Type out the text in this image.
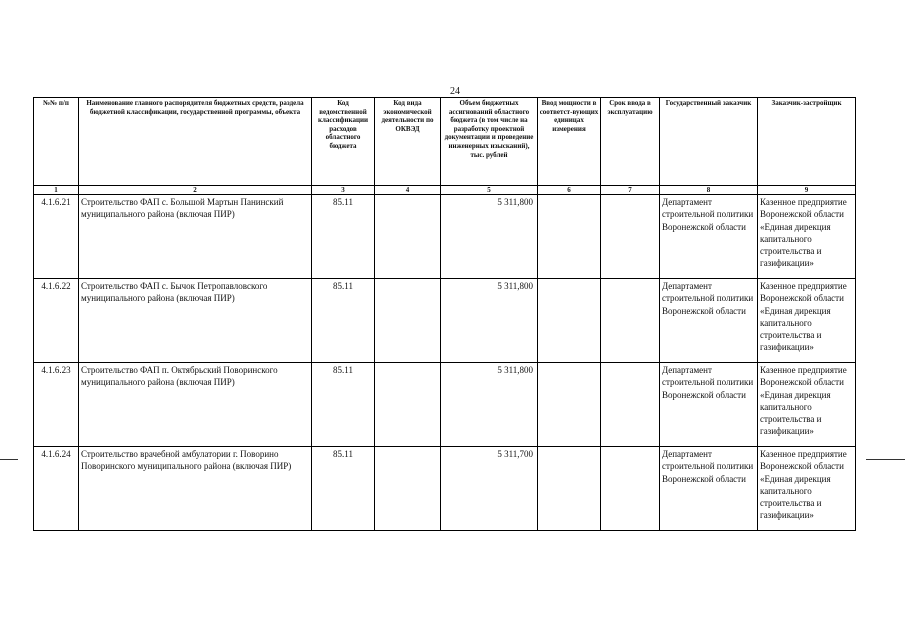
24
№№ п/п	Наименование главного распорядителя бюджетных средств, раздела бюджетной классификации, государственной программы, объекта	Код ведомственной классификации расходов областного бюджета	Код вида экономической деятельности по ОКВЭД	Объем бюджетных ассигнований областного бюджета (в том числе на разработку проектной документации и проведение инженерных изысканий), тыс. рублей	Ввод мощности в соответст-вующих единицах измерения	Срок ввода в эксплуатацию	Государственный заказчик	Заказчик-застройщик
1	2	3	4	5	6	7	8	9
4.1.6.21	Строительство ФАП с. Большой Мартын Панинский муниципального района (включая ПИР)	85.11		5 311,800			Департамент строительной политики Воронежской области	Казенное предприятие Воронежской области «Единая дирекция капитального строительства и газификации»
4.1.6.22	Строительство ФАП с. Бычок Петропавловского муниципального района (включая ПИР)	85.11		5 311,800			Департамент строительной политики Воронежской области	Казенное предприятие Воронежской области «Единая дирекция капитального строительства и газификации»
4.1.6.23	Строительство ФАП п. Октябрьский Поворинского муниципального района (включая ПИР)	85.11		5 311,800			Департамент строительной политики Воронежской области	Казенное предприятие Воронежской области «Единая дирекция капитального строительства и газификации»
4.1.6.24	Строительство врачебной амбулатории г. Поворино Поворинского муниципального района (включая ПИР)	85.11		5 311,700			Департамент строительной политики Воронежской области	Казенное предприятие Воронежской области «Единая дирекция капитального строительства и газификации»
